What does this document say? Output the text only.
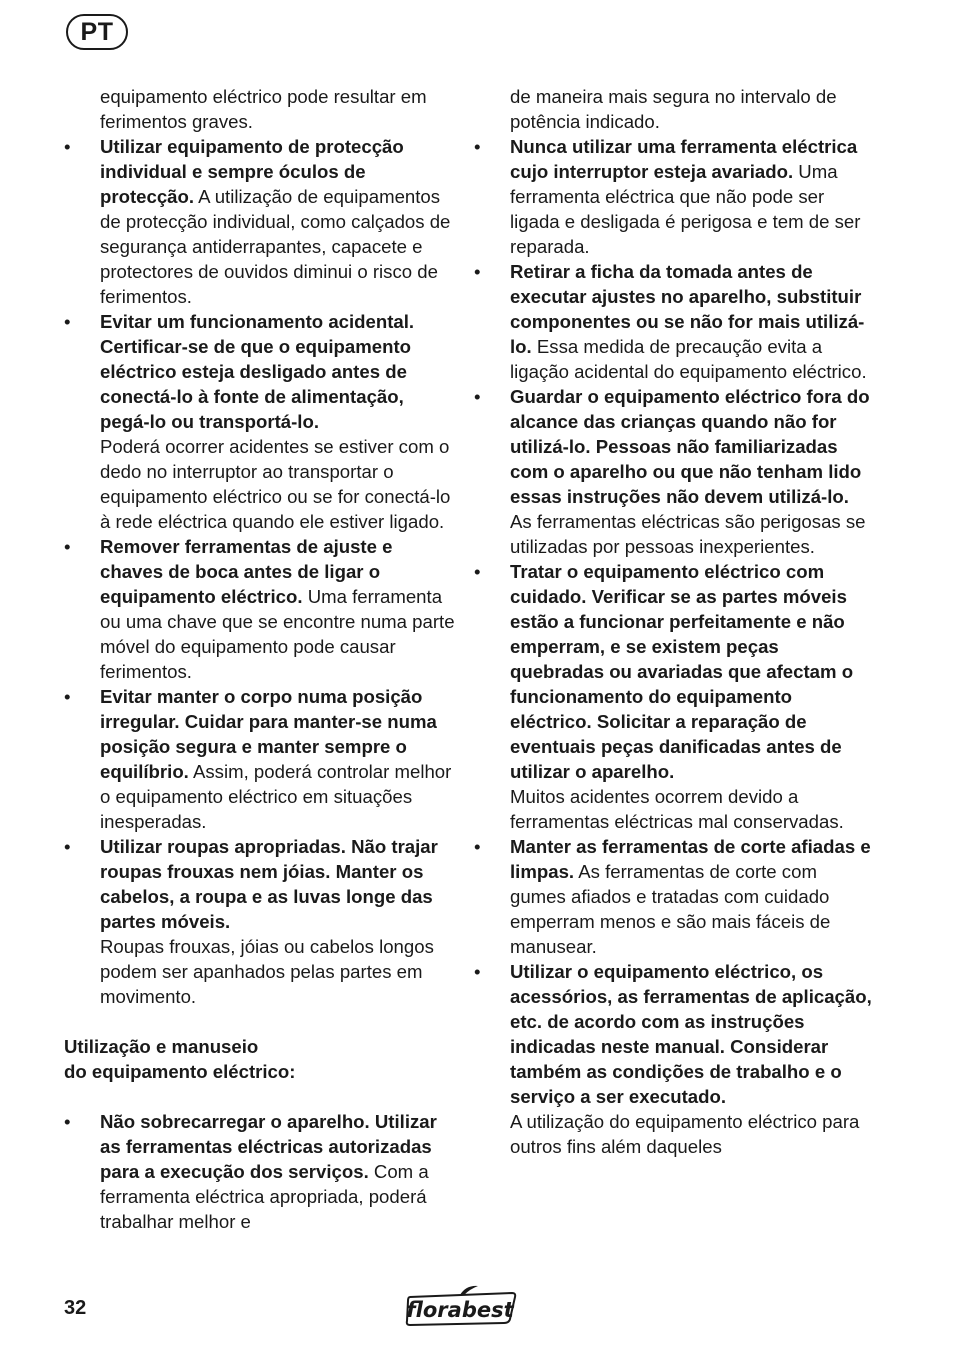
PT

equipamento eléctrico pode resultar em ferimentos graves.

• Utilizar equipamento de protecção individual e sempre óculos de protecção. A utilização de equipamentos de protecção individual, como calçados de segurança antiderrapantes, capacete e protectores de ouvidos diminui o risco de ferimentos.
• Evitar um funcionamento acidental. Certificar-se de que o equipamento eléctrico esteja desligado antes de conectá-lo à fonte de alimentação, pegá-lo ou transportá-lo.
Poderá ocorrer acidentes se estiver com o dedo no interruptor ao transportar o equipamento eléctrico ou se for conectá-lo à rede eléctrica quando ele estiver ligado.
• Remover ferramentas de ajuste e chaves de boca antes de ligar o equipamento eléctrico. Uma ferramenta ou uma chave que se encontre numa parte móvel do equipamento pode causar ferimentos.
• Evitar manter o corpo numa posição irregular. Cuidar para manter-se numa posição segura e manter sempre o equilíbrio. Assim, poderá controlar melhor o equipamento eléctrico em situações inesperadas.
• Utilizar roupas apropriadas. Não trajar roupas frouxas nem jóias. Manter os cabelos, a roupa e as luvas longe das partes móveis.
Roupas frouxas, jóias ou cabelos longos podem ser apanhados pelas partes em movimento.

Utilização e manuseio
do equipamento eléctrico:

• Não sobrecarregar o aparelho. Utilizar as ferramentas eléctricas autorizadas para a execução dos serviços. Com a ferramenta eléctrica apropriada, poderá trabalhar melhor e

de maneira mais segura no intervalo de potência indicado.

• Nunca utilizar uma ferramenta eléctrica cujo interruptor esteja avariado. Uma ferramenta eléctrica que não pode ser ligada e desligada é perigosa e tem de ser reparada.
• Retirar a ficha da tomada antes de executar ajustes no aparelho, substituir componentes ou se não for mais utilizá-lo. Essa medida de precaução evita a ligação acidental do equipamento eléctrico.
• Guardar o equipamento eléctrico fora do alcance das crianças quando não for utilizá-lo. Pessoas não familiarizadas com o aparelho ou que não tenham lido essas instruções não devem utilizá-lo. As ferramentas eléctricas são perigosas se utilizadas por pessoas inexperientes.
• Tratar o equipamento eléctrico com cuidado. Verificar se as partes móveis estão a funcionar perfeitamente e não emperram, e se existem peças quebradas ou avariadas que afectam o funcionamento do equipamento eléctrico. Solicitar a reparação de eventuais peças danificadas antes de utilizar o aparelho.
Muitos acidentes ocorrem devido a ferramentas eléctricas mal conservadas.
• Manter as ferramentas de corte afiadas e limpas. As ferramentas de corte com gumes afiados e tratadas com cuidado emperram menos e são mais fáceis de manusear.
• Utilizar o equipamento eléctrico, os acessórios, as ferramentas de aplicação, etc. de acordo com as instruções indicadas neste manual. Considerar também as condições de trabalho e o serviço a ser executado.
A utilização do equipamento eléctrico para outros fins além daqueles
32	florabest
